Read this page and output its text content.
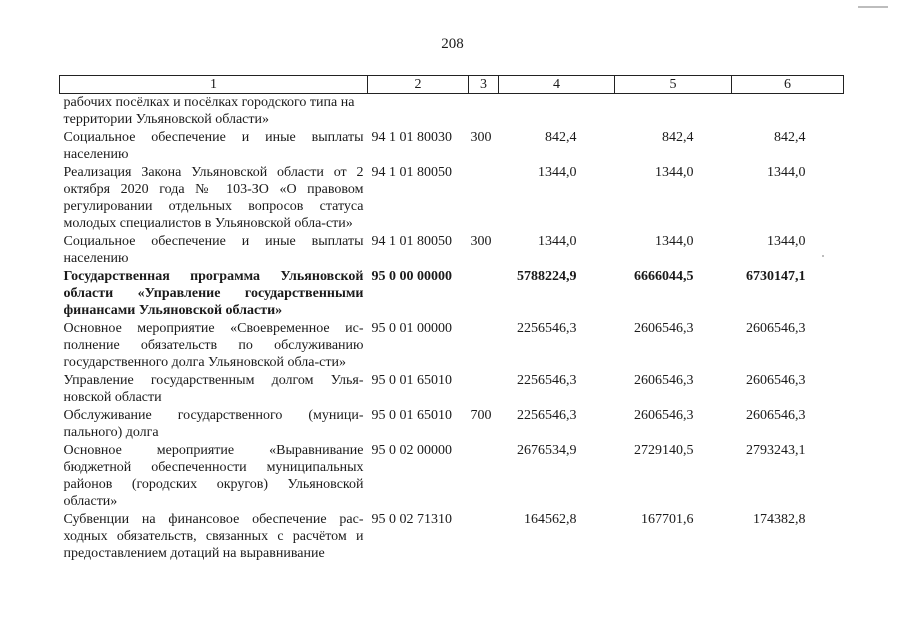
208
1	2	3	4	5	6
рабочих посёлках и посёлках городского типа на территории Ульяновской области»					
Социальное обеспечение и иные выплаты населению	94 1 01 80030	300	842,4	842,4	842,4
Реализация Закона Ульяновской области от 2 октября 2020 года № 103-ЗО «О правовом регулировании отдельных вопросов статуса молодых специалистов в Ульяновской обла-сти»	94 1 01 80050		1344,0	1344,0	1344,0
Социальное обеспечение и иные выплаты населению	94 1 01 80050	300	1344,0	1344,0	1344,0
Государственная программа Ульяновской области «Управление государственными финансами Ульяновской области»	95 0 00 00000		5788224,9	6666044,5	6730147,1
Основное мероприятие «Своевременное ис-полнение обязательств по обслуживанию государственного долга Ульяновской обла-сти»	95 0 01 00000		2256546,3	2606546,3	2606546,3
Управление государственным долгом Улья-новской области	95 0 01 65010		2256546,3	2606546,3	2606546,3
Обслуживание государственного (муници-пального) долга	95 0 01 65010	700	2256546,3	2606546,3	2606546,3
Основное мероприятие «Выравнивание бюджетной обеспеченности муниципальных районов (городских округов) Ульяновской области»	95 0 02 00000		2676534,9	2729140,5	2793243,1
Субвенции на финансовое обеспечение рас-ходных обязательств, связанных с расчётом и предоставлением дотаций на выравнивание	95 0 02 71310		164562,8	167701,6	174382,8
